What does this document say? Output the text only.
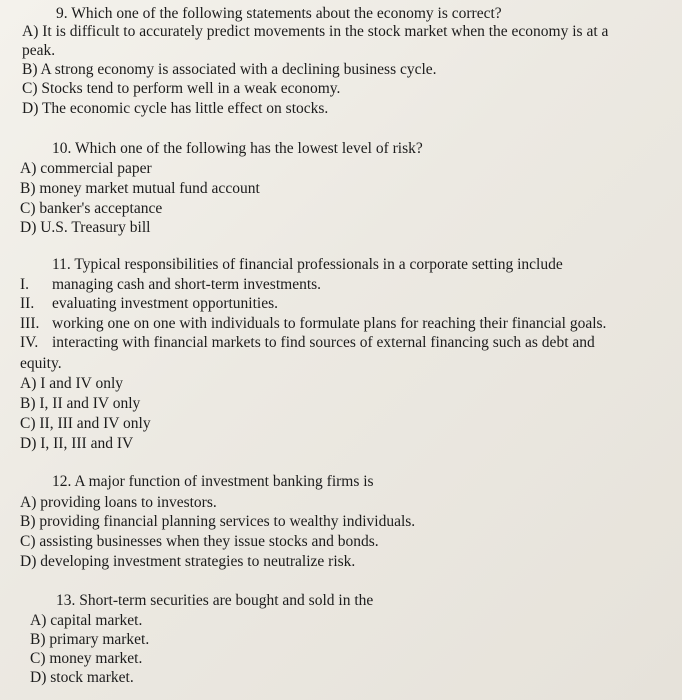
9. Which one of the following statements about the economy is correct?
A) It is difficult to accurately predict movements in the stock market when the economy is at a
peak.
B) A strong economy is associated with a declining business cycle.
C) Stocks tend to perform well in a weak economy.
D) The economic cycle has little effect on stocks.
10. Which one of the following has the lowest level of risk?
A) commercial paper
B) money market mutual fund account
C) banker's acceptance
D) U.S. Treasury bill
11. Typical responsibilities of financial professionals in a corporate setting include
I. managing cash and short-term investments.
II. evaluating investment opportunities.
III. working one on one with individuals to formulate plans for reaching their financial goals.
IV. interacting with financial markets to find sources of external financing such as debt and
equity.
A) I and IV only
B) I, II and IV only
C) II, III and IV only
D) I, II, III and IV
12. A major function of investment banking firms is
A) providing loans to investors.
B) providing financial planning services to wealthy individuals.
C) assisting businesses when they issue stocks and bonds.
D) developing investment strategies to neutralize risk.
13. Short-term securities are bought and sold in the
A) capital market.
B) primary market.
C) money market.
D) stock market.
